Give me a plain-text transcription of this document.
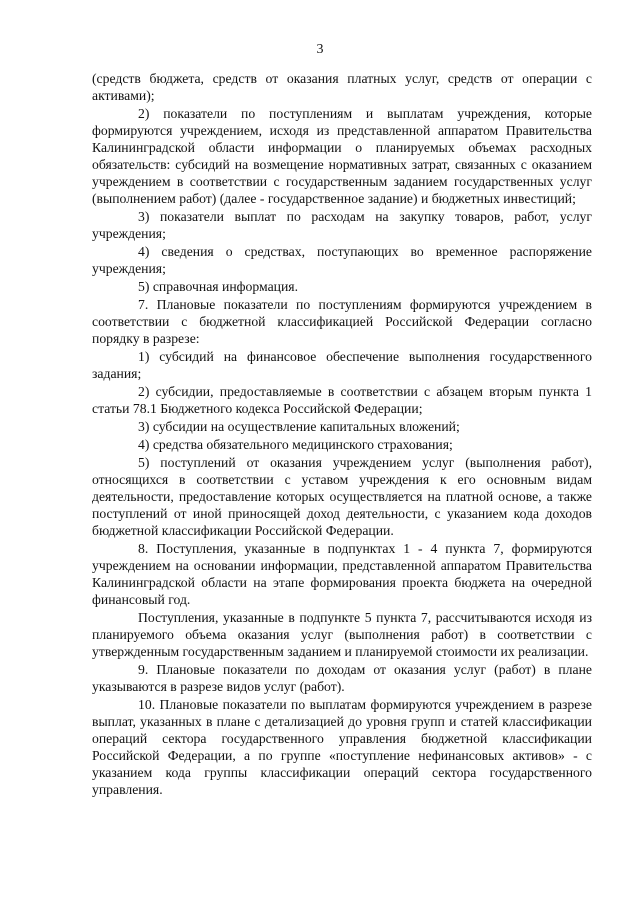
3

(средств бюджета, средств от оказания платных услуг, средств от операции с активами);

2) показатели по поступлениям и выплатам учреждения, которые формируются учреждением, исходя из представленной аппаратом Правительства Калининградской области информации о планируемых объемах расходных обязательств: субсидий на возмещение нормативных затрат, связанных с оказанием учреждением в соответствии с государственным заданием государственных услуг (выполнением работ) (далее - государственное задание) и бюджетных инвестиций;

3) показатели выплат по расходам на закупку товаров, работ, услуг учреждения;

4) сведения о средствах, поступающих во временное распоряжение учреждения;

5) справочная информация.

7. Плановые показатели по поступлениям формируются учреждением в соответствии с бюджетной классификацией Российской Федерации согласно порядку в разрезе:

1) субсидий на финансовое обеспечение выполнения государственного задания;

2) субсидии, предоставляемые в соответствии с абзацем вторым пункта 1 статьи 78.1 Бюджетного кодекса Российской Федерации;

3) субсидии на осуществление капитальных вложений;

4) средства обязательного медицинского страхования;

5) поступлений от оказания учреждением услуг (выполнения работ), относящихся в соответствии с уставом учреждения к его основным видам деятельности, предоставление которых осуществляется на платной основе, а также поступлений от иной приносящей доход деятельности, с указанием кода доходов бюджетной классификации Российской Федерации.

8. Поступления, указанные в подпунктах 1 - 4 пункта 7, формируются учреждением на основании информации, представленной аппаратом Правительства Калининградской области на этапе формирования проекта бюджета на очередной финансовый год.

Поступления, указанные в подпункте 5 пункта 7, рассчитываются исходя из планируемого объема оказания услуг (выполнения работ) в соответствии с утвержденным государственным заданием и планируемой стоимости их реализации.

9. Плановые показатели по доходам от оказания услуг (работ) в плане указываются в разрезе видов услуг (работ).

10. Плановые показатели по выплатам формируются учреждением в разрезе выплат, указанных в плане с детализацией до уровня групп и статей классификации операций сектора государственного управления бюджетной классификации Российской Федерации, а по группе «поступление нефинансовых активов» - с указанием кода группы классификации операций сектора государственного управления.
